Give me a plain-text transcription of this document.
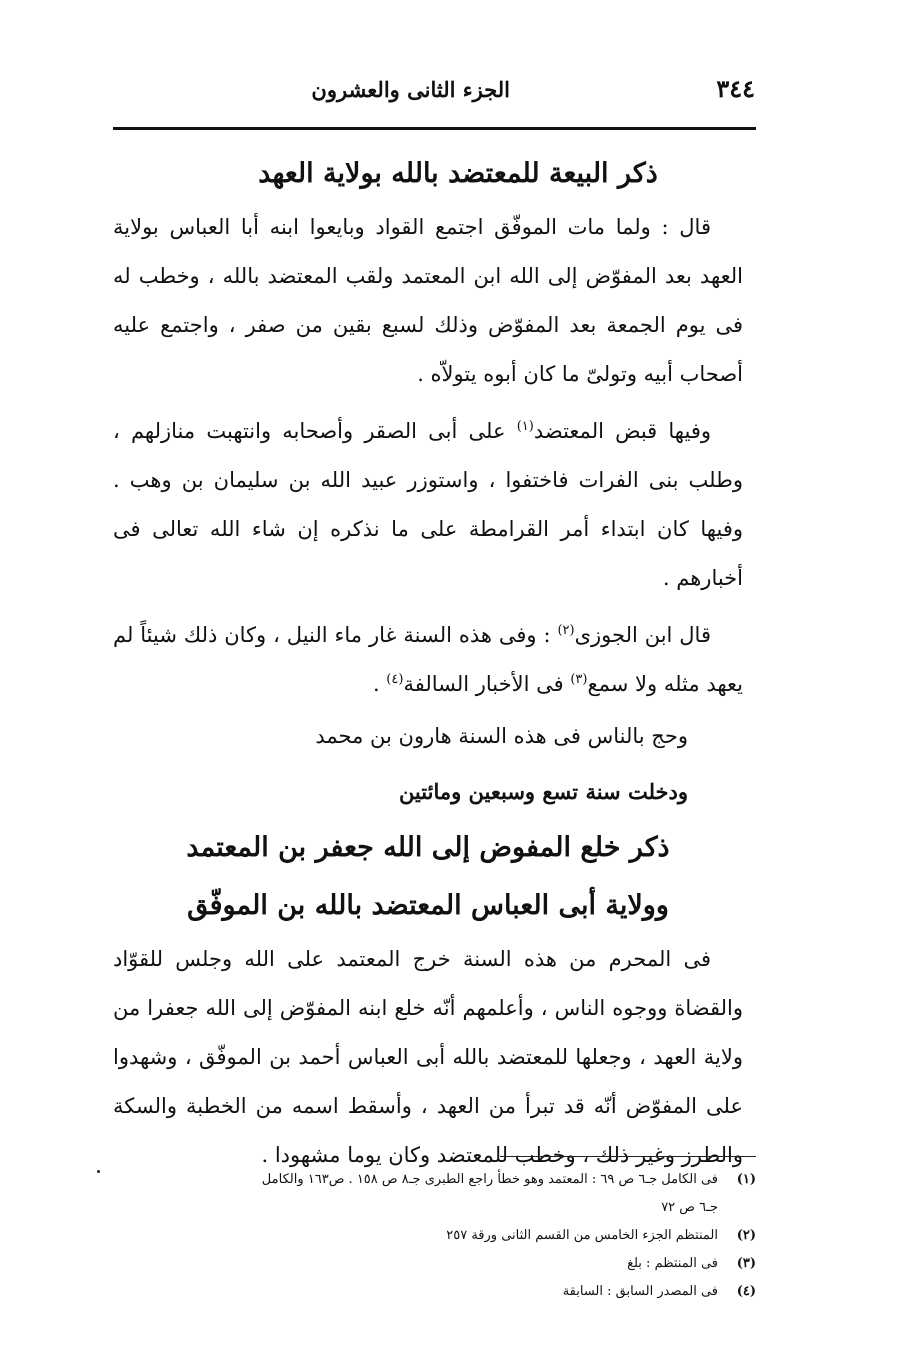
٣٤٤
الجزء الثانى والعشرون
ذكر البيعة للمعتضد بالله بولاية العهد

قال : ولما مات الموفّق اجتمع القواد وبايعوا ابنه أبا العباس بولاية العهد بعد المفوّض إلى الله ابن المعتمد ولقب المعتضد بالله ، وخطب له فى يوم الجمعة بعد المفوّض وذلك لسبع بقين من صفر ، واجتمع عليه أصحاب أبيه وتولىّ ما كان أبوه يتولاّه .

وفيها قبض المعتضد$^{(١)}$ على أبى الصقر وأصحابه وانتهبت منازلهم ، وطلب بنى الفرات فاختفوا ، واستوزر عبيد الله بن سليمان بن وهب . وفيها كان ابتداء أمر القرامطة على ما نذكره إن شاء الله تعالى فى أخبارهم .

قال ابن الجوزى$^{(٢)}$ : وفى هذه السنة غار ماء النيل ، وكان ذلك شيئاً لم يعهد مثله ولا سمع$^{(٣)}$ فى الأخبار السالفة$^{(٤)}$ .

وحج بالناس فى هذه السنة هارون بن محمد

ودخلت سنة تسع وسبعين ومائتين

ذكر خلع المفوض إلى الله جعفر بن المعتمد
وولاية أبى العباس المعتضد بالله بن الموفّق

فى المحرم من هذه السنة خرج المعتمد على الله وجلس للقوّاد والقضاة ووجوه الناس ، وأعلمهم أنّه خلع ابنه المفوّض إلى الله جعفرا من ولاية العهد ، وجعلها للمعتضد بالله أبى العباس أحمد بن الموفّق ، وشهدوا على المفوّض أنّه قد تبرأ من العهد ، وأسقط اسمه من الخطبة والسكة والطرز وغير ذلك ، وخطب للمعتضد وكان يوما مشهودا .

(١)
فى الكامل جـ٦ ص ٦٩ : المعتمد وهو خطأ راجع الطبرى جـ٨ ص ١٥٨ . ص١٦٣ والكامل
جـ٦ ص ٧٢
(٢)
المنتظم الجزء الخامس من القسم الثانى ورقة ٢٥٧
(٣)
فى المنتظم : بلغ
(٤)
فى المصدر السابق : السابقة
